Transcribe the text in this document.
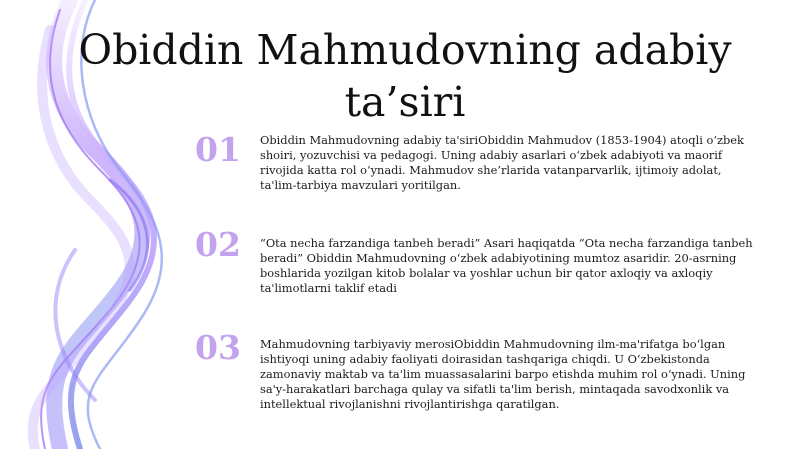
Obiddin Mahmudovning adabiy ta’siri
01	Obiddin Mahmudovning adabiy ta'siriObiddin Mahmudov (1853-1904) atoqli o‘zbek shoiri, yozuvchisi va pedagogi. Uning adabiy asarlari o‘zbek adabiyoti va maorif rivojida katta rol o‘ynadi. Mahmudov she’rlarida vatanparvarlik, ijtimoiy adolat, ta'lim-tarbiya mavzulari yoritilgan.

02	“Ota necha farzandiga tanbeh beradi” Asari haqiqatda “Ota necha farzandiga tanbeh beradi” Obiddin Mahmudovning o‘zbek adabiyotining mumtoz asaridir. 20-asrning boshlarida yozilgan kitob bolalar va yoshlar uchun bir qator axloqiy va axloqiy ta'limotlarni taklif etadi

03	Mahmudovning tarbiyaviy merosiObiddin Mahmudovning ilm-ma'rifatga bo‘lgan ishtiyoqi uning adabiy faoliyati doirasidan tashqariga chiqdi. U O‘zbekistonda zamonaviy maktab va ta'lim muassasalarini barpo etishda muhim rol o‘ynadi. Uning sa'y-harakatlari barchaga qulay va sifatli ta'lim berish, mintaqada savodxonlik va intellektual rivojlanishni rivojlantirishga qaratilgan.
